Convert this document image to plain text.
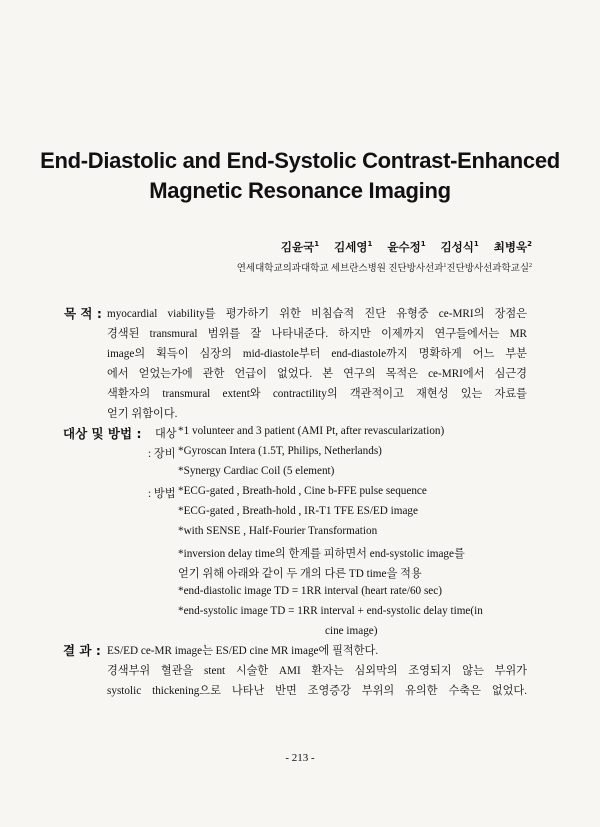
End-Diastolic and End-Systolic Contrast-Enhanced
Magnetic Resonance Imaging
김윤국$^1$ 김세영$^1$ 윤수정$^1$ 김성식$^1$ 최병욱$^2$
연세대학교의과대학교 세브란스병원 진단방사선과$^1$진단방사선과학교실$^2$
목 적 : myocardial viability를 평가하기 위한 비침습적 진단 유형중 ce-MRI의 장점은
경색된 transmural 범위를 잘 나타내준다. 하지만 이제까지 연구들에서는 MR
image의 획득이 심장의 mid-diastole부터 end-diastole까지 명확하게 어느 부분
에서 얻었는가에 관한 언급이 없었다. 본 연구의 목적은 ce-MRI에서 심근경
색환자의 transmural extent와 contractility의 객관적이고 재현성 있는 자료를
얻기 위함이다.
대상 및 방법 : 대상 *1 volunteer and 3 patient (AMI Pt, after revascularization)
: 장비 *Gyroscan Intera (1.5T, Philips, Netherlands)
*Synergy Cardiac Coil (5 element)
: 방법 *ECG-gated , Breath-hold , Cine b-FFE pulse sequence
*ECG-gated , Breath-hold , IR-T1 TFE ES/ED image
*with SENSE , Half-Fourier Transformation
*inversion delay time의 한계를 피하면서 end-systolic image를
얻기 위해 아래와 같이 두 개의 다른 TD time을 적용
*end-diastolic image TD = 1RR interval (heart rate/60 sec)
*end-systolic image TD = 1RR interval + end-systolic delay time(in
cine image)
결 과 : ES/ED ce-MR image는 ES/ED cine MR image에 필적한다.
경색부위 혈관을 stent 시술한 AMI 환자는 심외막의 조영되지 않는 부위가
systolic thickening으로 나타난 반면 조영증강 부위의 유의한 수축은 없었다.
- 213 -
